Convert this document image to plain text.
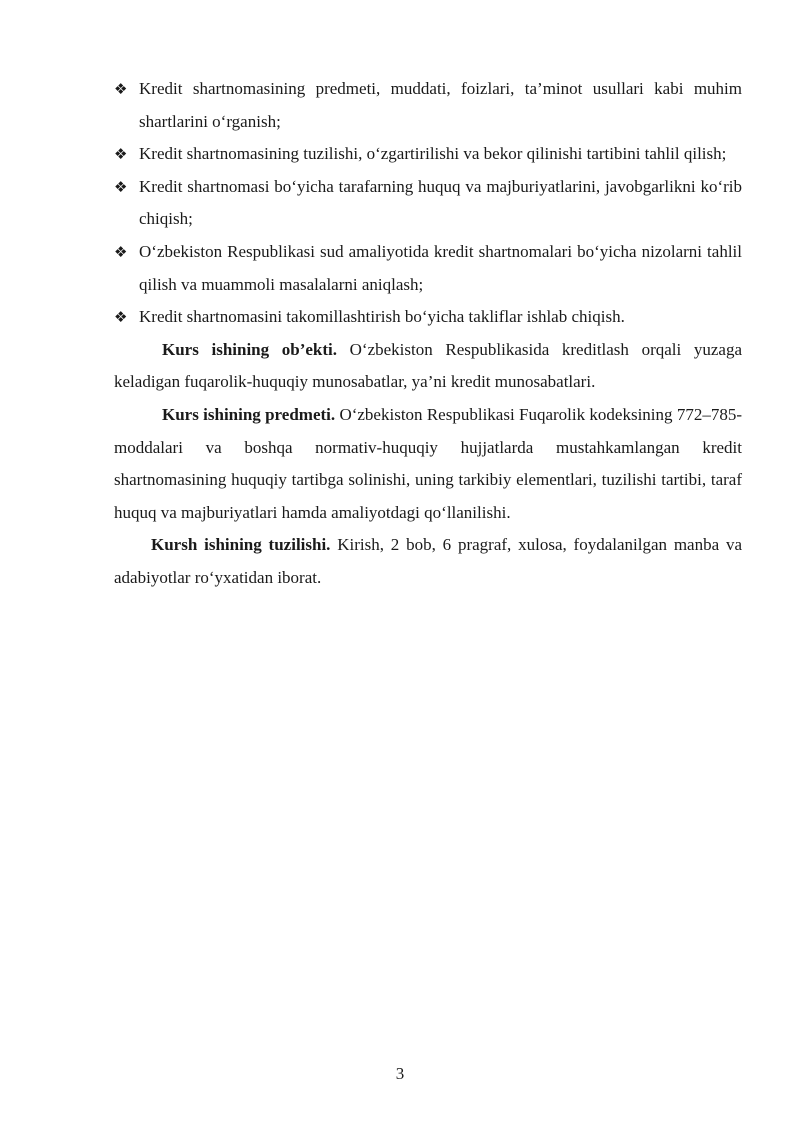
❖ Kredit shartnomasining predmeti, muddati, foizlari, ta’minot usullari kabi muhim shartlarini o‘rganish;
❖ Kredit shartnomasining tuzilishi, o‘zgartirilishi va bekor qilinishi tartibini tahlil qilish;
❖ Kredit shartnomasi bo‘yicha tarafarning huquq va majburiyatlarini, javobgarlikni ko‘rib chiqish;
❖ O‘zbekiston Respublikasi sud amaliyotida kredit shartnomalari bo‘yicha nizolarni tahlil qilish va muammoli masalalarni aniqlash;
❖ Kredit shartnomasini takomillashtirish bo‘yicha takliflar ishlab chiqish.

Kurs ishining ob’ekti. O‘zbekiston Respublikasida kreditlash orqali yuzaga keladigan fuqarolik-huquqiy munosabatlar, ya’ni kredit munosabatlari.

Kurs ishining predmeti. O‘zbekiston Respublikasi Fuqarolik kodeksining 772–785-moddalari va boshqa normativ-huquqiy hujjatlarda mustahkamlangan kredit shartnomasining huquqiy tartibga solinishi, uning tarkibiy elementlari, tuzilishi tartibi, taraf huquq va majburiyatlari hamda amaliyotdagi qo‘llanilishi.

Kursh ishining tuzilishi. Kirish, 2 bob, 6 pragraf, xulosa, foydalanilgan manba va adabiyotlar ro‘yxatidan iborat.

3
